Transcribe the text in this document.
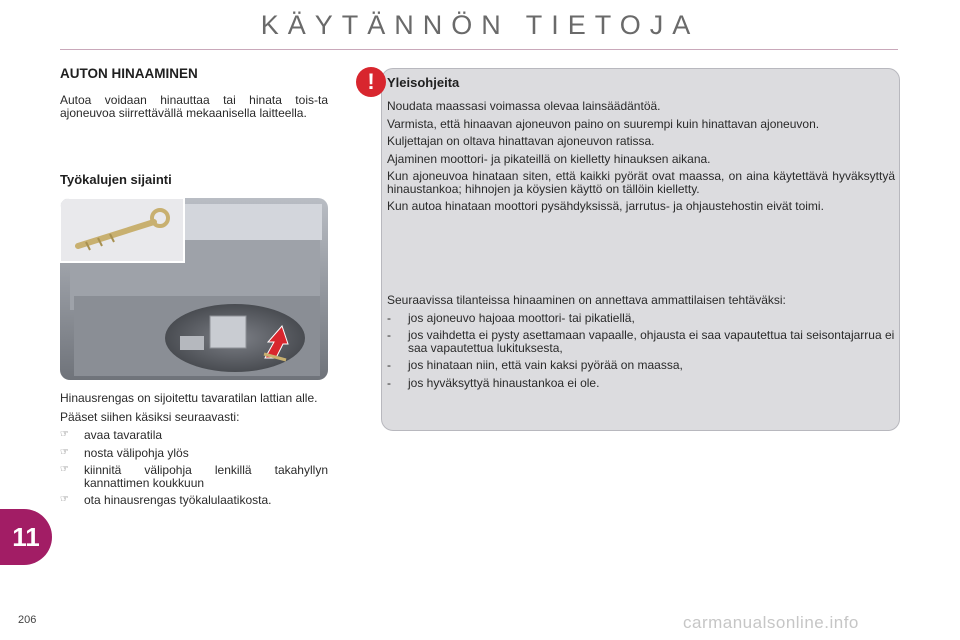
KÄYTÄNNÖN TIETOJA
AUTON HINAAMINEN
Autoa voidaan hinauttaa tai hinata tois-ta ajoneuvoa siirrettävällä mekaanisella laitteella.
Työkalujen sijainti

Hinausrengas on sijoitettu tavaratilan lattian alle.

Pääset siihen käsiksi seuraavasti:

☞	avaa tavaratila
☞	nosta välipohja ylös
☞	kiinnitä välipohja lenkillä takahyllyn kannattimen koukkuun
☞	ota hinausrengas työkalulaatikosta.
! Yleisohjeita

Noudata maassasi voimassa olevaa lainsäädäntöä.

Varmista, että hinaavan ajoneuvon paino on suurempi kuin hinattavan ajoneuvon.

Kuljettajan on oltava hinattavan ajoneuvon ratissa.

Ajaminen moottori- ja pikateillä on kielletty hinauksen aikana.

Kun ajoneuvoa hinataan siten, että kaikki pyörät ovat maassa, on aina käytettävä hyväksyttyä hinaustankoa; hihnojen ja köysien käyttö on tällöin kielletty.

Kun autoa hinataan moottori pysähdyksissä, jarrutus- ja ohjaustehostin eivät toimi.

Seuraavissa tilanteissa hinaaminen on annettava ammattilaisen tehtäväksi:

-	jos ajoneuvo hajoaa moottori- tai pikatiellä,
-	jos vaihdetta ei pysty asettamaan vapaalle, ohjausta ei saa vapautettua tai seisontajarrua ei saa vapautettua lukituksesta,
-	jos hinataan niin, että vain kaksi pyörää on maassa,
-	jos hyväksyttyä hinaustankoa ei ole.
11
206	carmanualsonline.info
